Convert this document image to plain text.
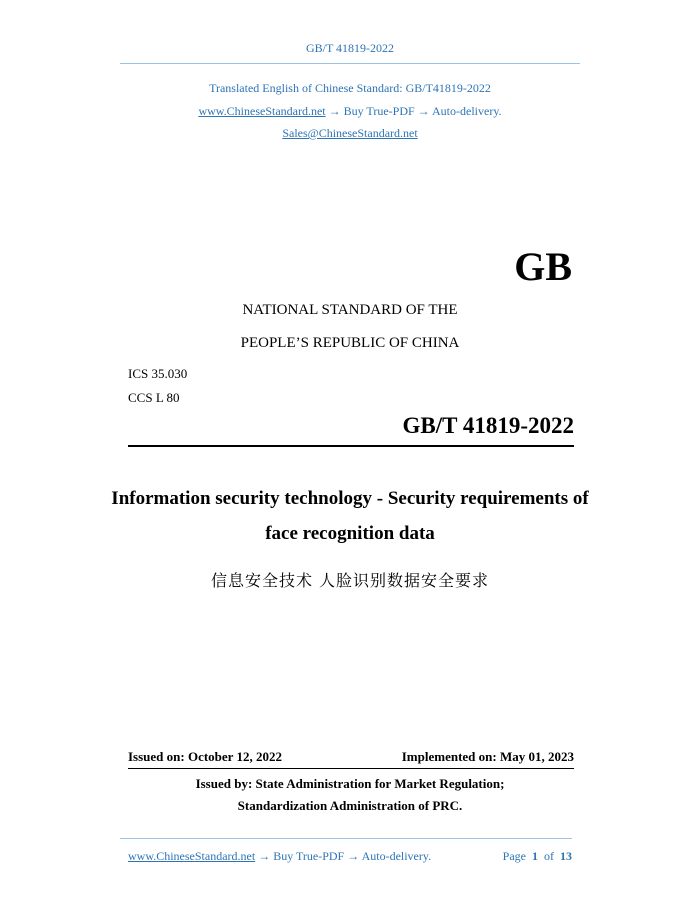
GB/T 41819-2022
Translated English of Chinese Standard: GB/T41819-2022
www.ChineseStandard.net → Buy True-PDF → Auto-delivery.
Sales@ChineseStandard.net
GB
NATIONAL STANDARD OF THE
PEOPLE’S REPUBLIC OF CHINA
ICS 35.030
CCS L 80
GB/T 41819-2022
Information security technology - Security requirements of
face recognition data
信息安全技术 人脸识别数据安全要求
Issued on: October 12, 2022	Implemented on: May 01, 2023
Issued by: State Administration for Market Regulation;
Standardization Administration of PRC.
www.ChineseStandard.net → Buy True-PDF → Auto-delivery.	Page 1 of 13
